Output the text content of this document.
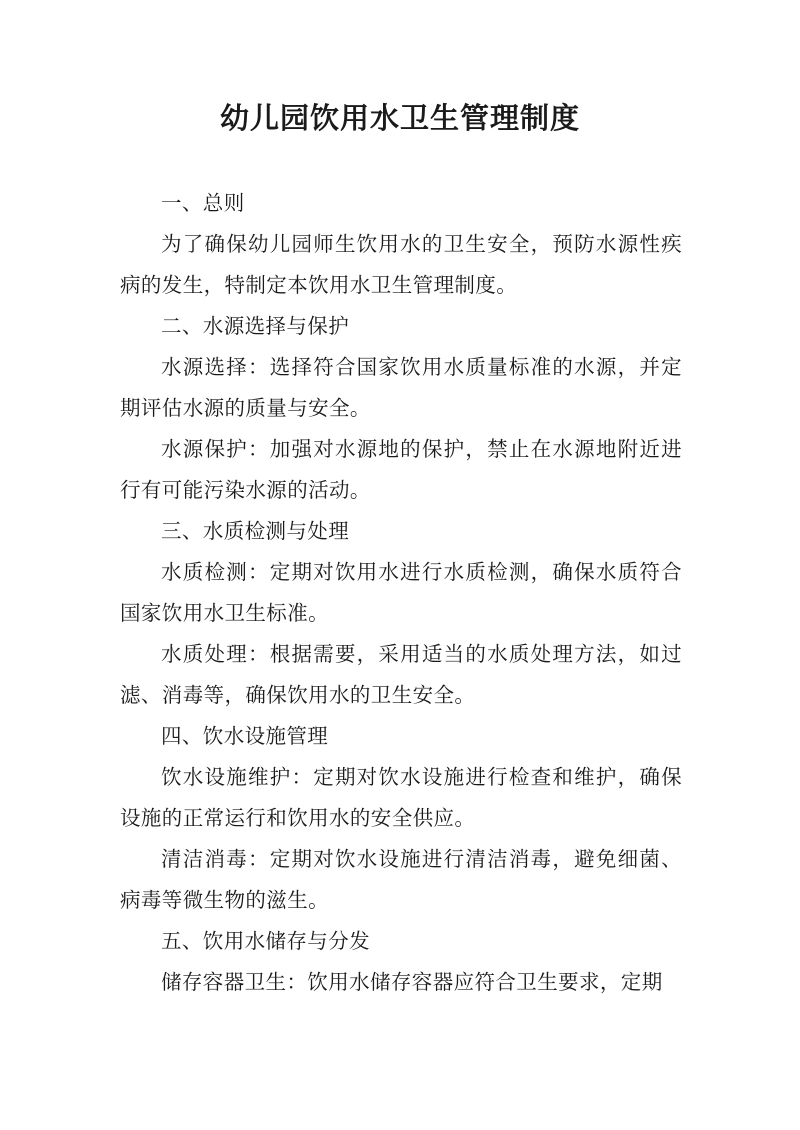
幼儿园饮用水卫生管理制度

一、总则

为了确保幼儿园师生饮用水的卫生安全，预防水源性疾病的发生，特制定本饮用水卫生管理制度。

二、水源选择与保护

水源选择：选择符合国家饮用水质量标准的水源，并定期评估水源的质量与安全。

水源保护：加强对水源地的保护，禁止在水源地附近进行有可能污染水源的活动。

三、水质检测与处理

水质检测：定期对饮用水进行水质检测，确保水质符合国家饮用水卫生标准。

水质处理：根据需要，采用适当的水质处理方法，如过滤、消毒等，确保饮用水的卫生安全。

四、饮水设施管理

饮水设施维护：定期对饮水设施进行检查和维护，确保设施的正常运行和饮用水的安全供应。

清洁消毒：定期对饮水设施进行清洁消毒，避免细菌、病毒等微生物的滋生。

五、饮用水储存与分发

储存容器卫生：饮用水储存容器应符合卫生要求，定期
